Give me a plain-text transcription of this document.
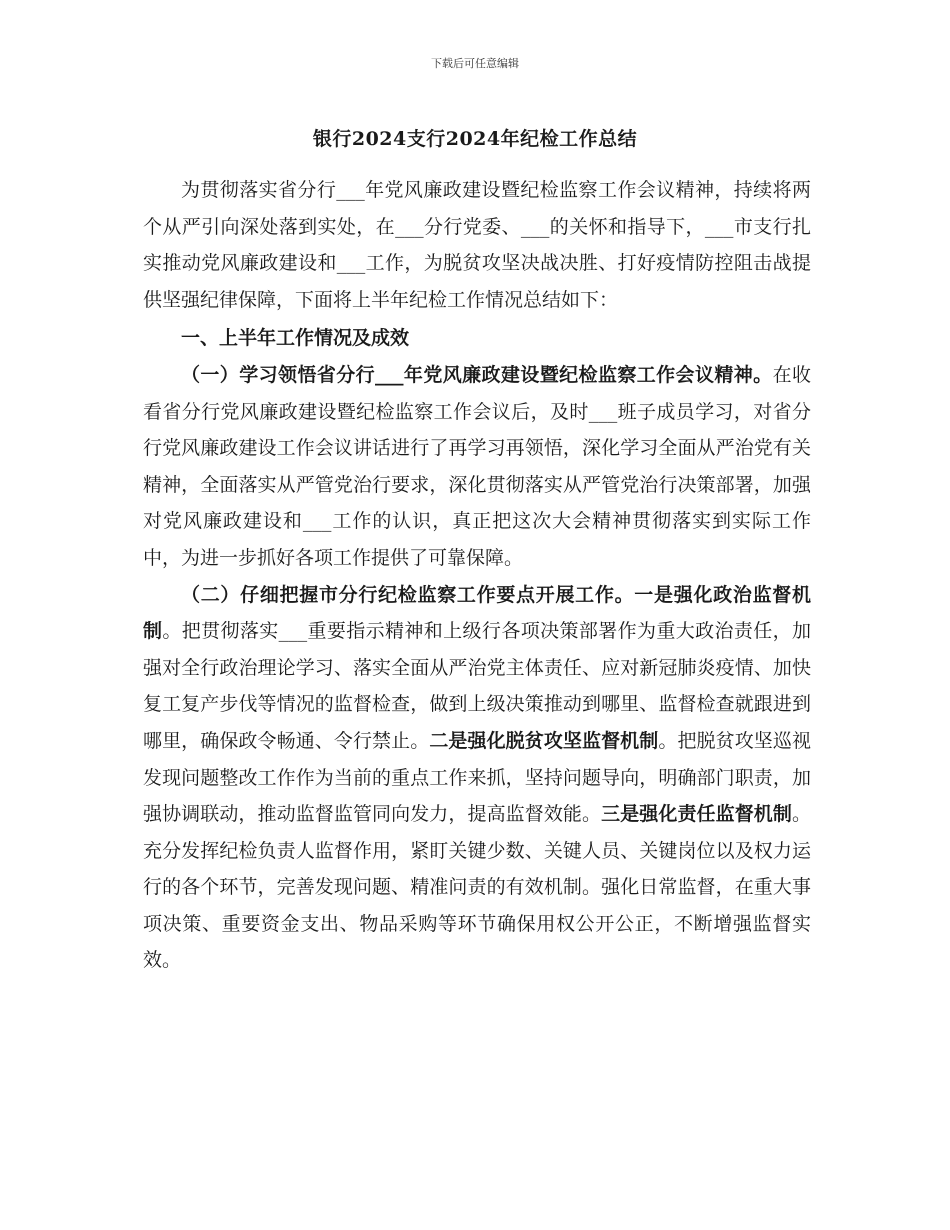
下载后可任意编辑
银行2024支行2024年纪检工作总结

为贯彻落实省分行___年党风廉政建设暨纪检监察工作会议精神，持续将两个从严引向深处落到实处，在___分行党委、___的关怀和指导下，___市支行扎实推动党风廉政建设和___工作，为脱贫攻坚决战决胜、打好疫情防控阻击战提供坚强纪律保障，下面将上半年纪检工作情况总结如下：

一、上半年工作情况及成效

（一）学习领悟省分行___年党风廉政建设暨纪检监察工作会议精神。在收看省分行党风廉政建设暨纪检监察工作会议后，及时___班子成员学习，对省分行党风廉政建设工作会议讲话进行了再学习再领悟，深化学习全面从严治党有关精神，全面落实从严管党治行要求，深化贯彻落实从严管党治行决策部署，加强对党风廉政建设和___工作的认识，真正把这次大会精神贯彻落实到实际工作中，为进一步抓好各项工作提供了可靠保障。

（二）仔细把握市分行纪检监察工作要点开展工作。一是强化政治监督机制。把贯彻落实___重要指示精神和上级行各项决策部署作为重大政治责任，加强对全行政治理论学习、落实全面从严治党主体责任、应对新冠肺炎疫情、加快复工复产步伐等情况的监督检查，做到上级决策推动到哪里、监督检查就跟进到哪里，确保政令畅通、令行禁止。二是强化脱贫攻坚监督机制。把脱贫攻坚巡视发现问题整改工作作为当前的重点工作来抓，坚持问题导向，明确部门职责，加强协调联动，推动监督监管同向发力，提高监督效能。三是强化责任监督机制。充分发挥纪检负责人监督作用，紧盯关键少数、关键人员、关键岗位以及权力运行的各个环节，完善发现问题、精准问责的有效机制。强化日常监督，在重大事项决策、重要资金支出、物品采购等环节确保用权公开公正，不断增强监督实效。
